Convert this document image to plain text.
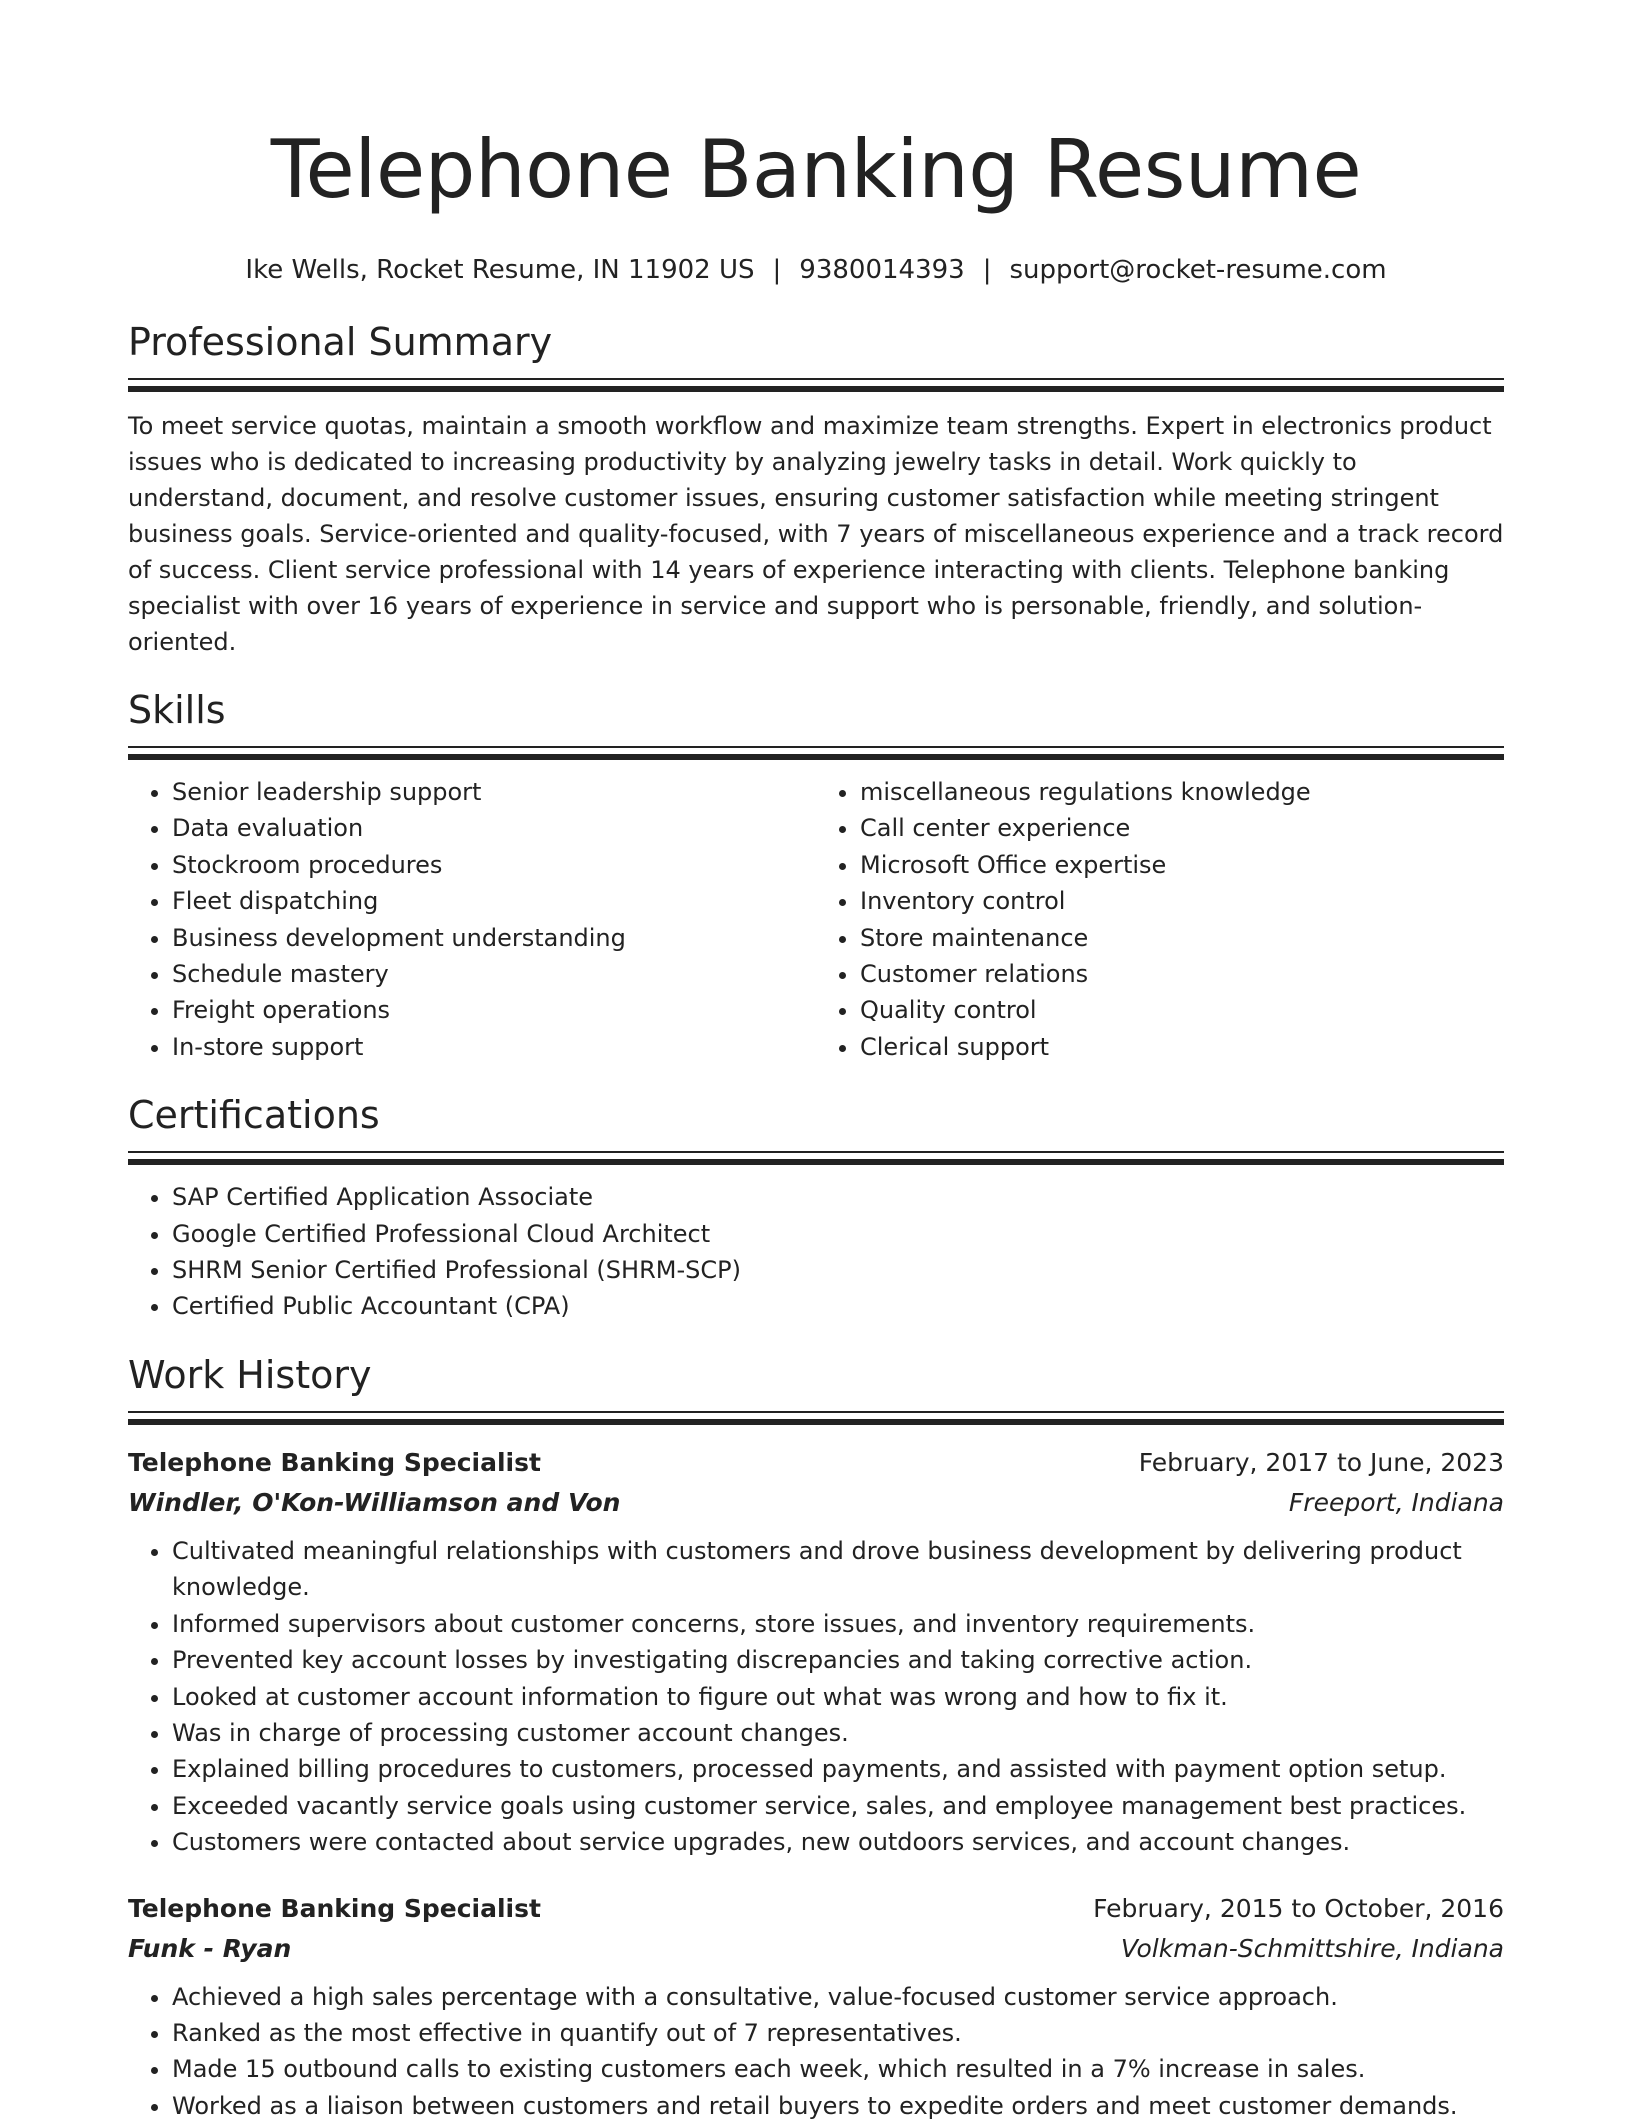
Telephone Banking Resume
Ike Wells, Rocket Resume, IN 11902 US | 9380014393 | support@rocket-resume.com
Professional Summary

To meet service quotas, maintain a smooth workflow and maximize team strengths. Expert in electronics product issues who is dedicated to increasing productivity by analyzing jewelry tasks in detail. Work quickly to understand, document, and resolve customer issues, ensuring customer satisfaction while meeting stringent business goals. Service-oriented and quality-focused, with 7 years of miscellaneous experience and a track record of success. Client service professional with 14 years of experience interacting with clients. Telephone banking specialist with over 16 years of experience in service and support who is personable, friendly, and solution-oriented.

Skills
• Senior leadership support
• Data evaluation
• Stockroom procedures
• Fleet dispatching
• Business development understanding
• Schedule mastery
• Freight operations
• In-store support
• miscellaneous regulations knowledge
• Call center experience
• Microsoft Office expertise
• Inventory control
• Store maintenance
• Customer relations
• Quality control
• Clerical support
Certifications
• SAP Certified Application Associate
• Google Certified Professional Cloud Architect
• SHRM Senior Certified Professional (SHRM-SCP)
• Certified Public Accountant (CPA)
Work History
Telephone Banking Specialist	February, 2017 to June, 2023
Windler, O'Kon-Williamson and Von	Freeport, Indiana
• Cultivated meaningful relationships with customers and drove business development by delivering product knowledge.
• Informed supervisors about customer concerns, store issues, and inventory requirements.
• Prevented key account losses by investigating discrepancies and taking corrective action.
• Looked at customer account information to figure out what was wrong and how to fix it.
• Was in charge of processing customer account changes.
• Explained billing procedures to customers, processed payments, and assisted with payment option setup.
• Exceeded vacantly service goals using customer service, sales, and employee management best practices.
• Customers were contacted about service upgrades, new outdoors services, and account changes.
Telephone Banking Specialist	February, 2015 to October, 2016
Funk - Ryan	Volkman-Schmittshire, Indiana
• Achieved a high sales percentage with a consultative, value-focused customer service approach.
• Ranked as the most effective in quantify out of 7 representatives.
• Made 15 outbound calls to existing customers each week, which resulted in a 7% increase in sales.
• Worked as a liaison between customers and retail buyers to expedite orders and meet customer demands.
